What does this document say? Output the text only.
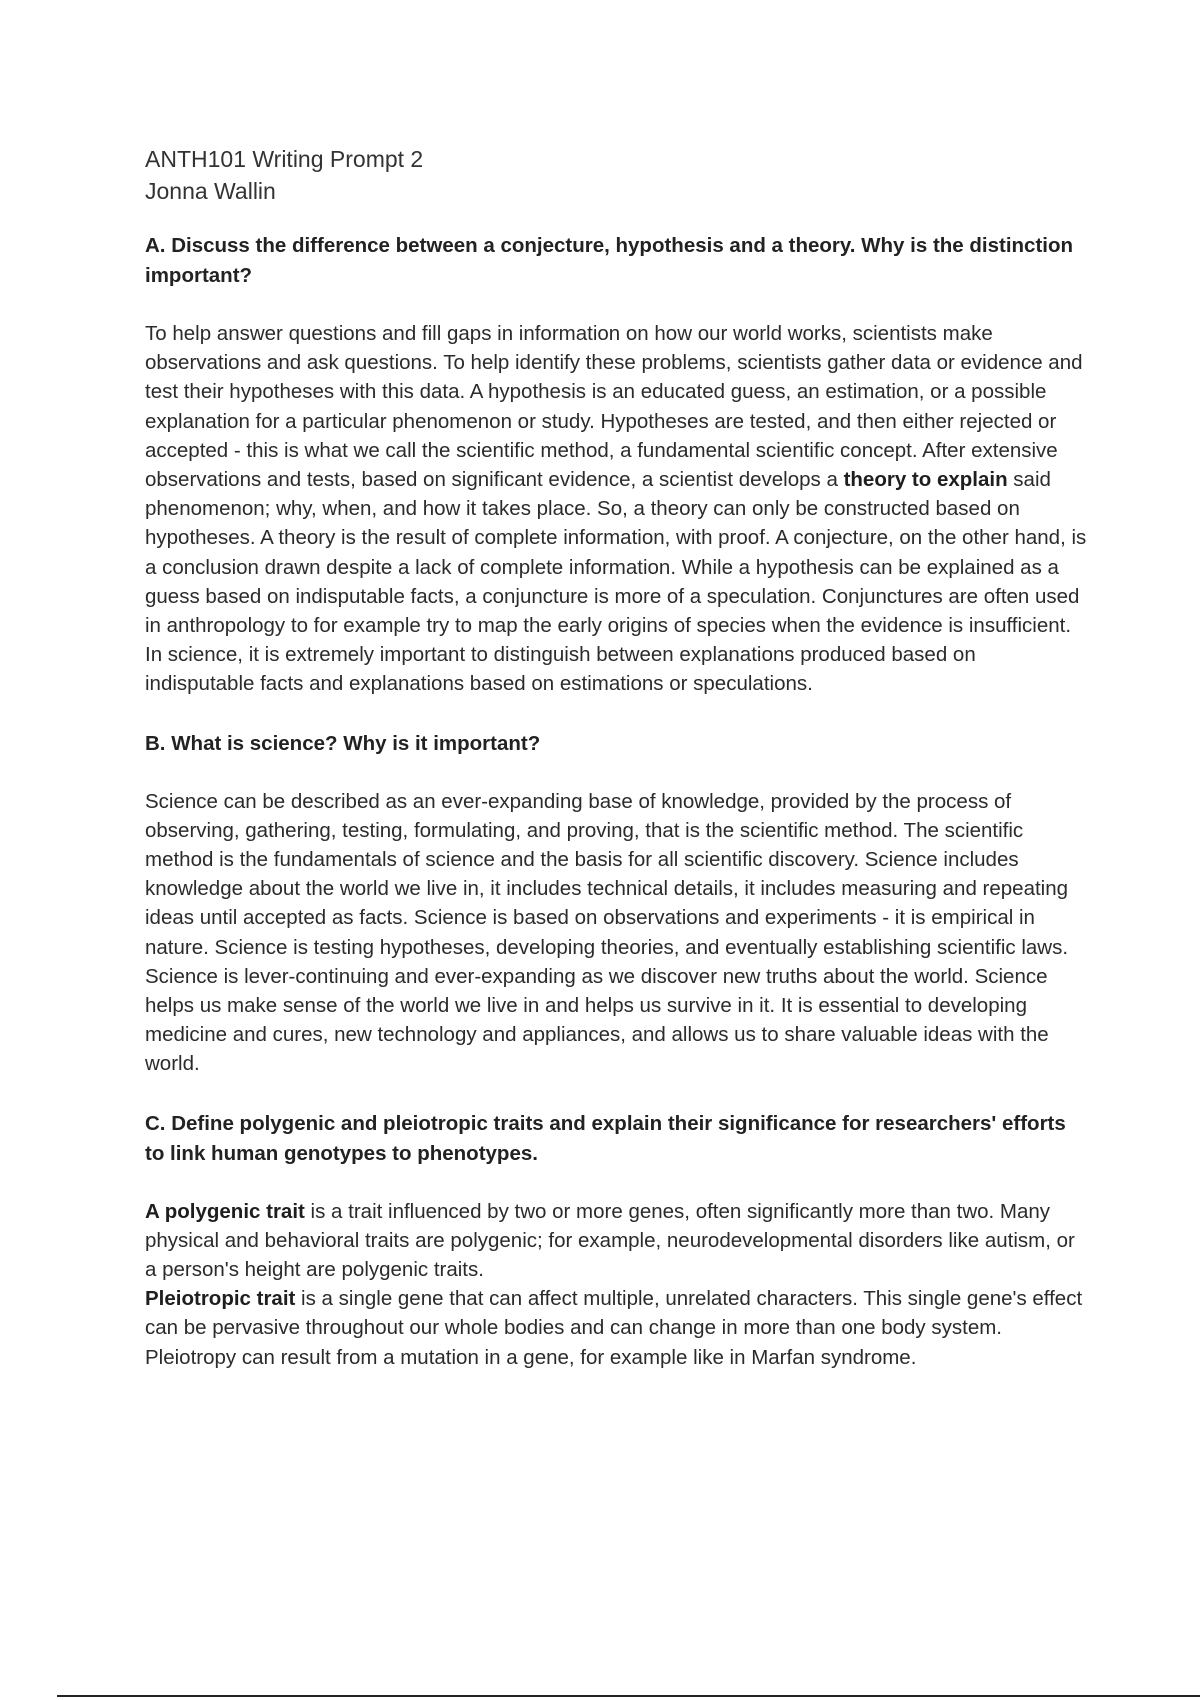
ANTH101 Writing Prompt 2
Jonna Wallin

A. Discuss the difference between a conjecture, hypothesis and a theory. Why is the distinction important?

To help answer questions and fill gaps in information on how our world works, scientists make observations and ask questions. To help identify these problems, scientists gather data or evidence and test their hypotheses with this data. A hypothesis is an educated guess, an estimation, or a possible explanation for a particular phenomenon or study. Hypotheses are tested, and then either rejected or accepted - this is what we call the scientific method, a fundamental scientific concept. After extensive observations and tests, based on significant evidence, a scientist develops a theory to explain said phenomenon; why, when, and how it takes place. So, a theory can only be constructed based on hypotheses. A theory is the result of complete information, with proof. A conjecture, on the other hand, is a conclusion drawn despite a lack of complete information. While a hypothesis can be explained as a guess based on indisputable facts, a conjuncture is more of a speculation. Conjunctures are often used in anthropology to for example try to map the early origins of species when the evidence is insufficient. In science, it is extremely important to distinguish between explanations produced based on indisputable facts and explanations based on estimations or speculations.

B. What is science? Why is it important?

Science can be described as an ever-expanding base of knowledge, provided by the process of observing, gathering, testing, formulating, and proving, that is the scientific method. The scientific method is the fundamentals of science and the basis for all scientific discovery. Science includes knowledge about the world we live in, it includes technical details, it includes measuring and repeating ideas until accepted as facts. Science is based on observations and experiments - it is empirical in nature. Science is testing hypotheses, developing theories, and eventually establishing scientific laws. Science is lever-continuing and ever-expanding as we discover new truths about the world. Science helps us make sense of the world we live in and helps us survive in it. It is essential to developing medicine and cures, new technology and appliances, and allows us to share valuable ideas with the world.

C. Define polygenic and pleiotropic traits and explain their significance for researchers' efforts to link human genotypes to phenotypes.

A polygenic trait is a trait influenced by two or more genes, often significantly more than two. Many physical and behavioral traits are polygenic; for example, neurodevelopmental disorders like autism, or a person's height are polygenic traits.

Pleiotropic trait is a single gene that can affect multiple, unrelated characters. This single gene's effect can be pervasive throughout our whole bodies and can change in more than one body system. Pleiotropy can result from a mutation in a gene, for example like in Marfan syndrome.
